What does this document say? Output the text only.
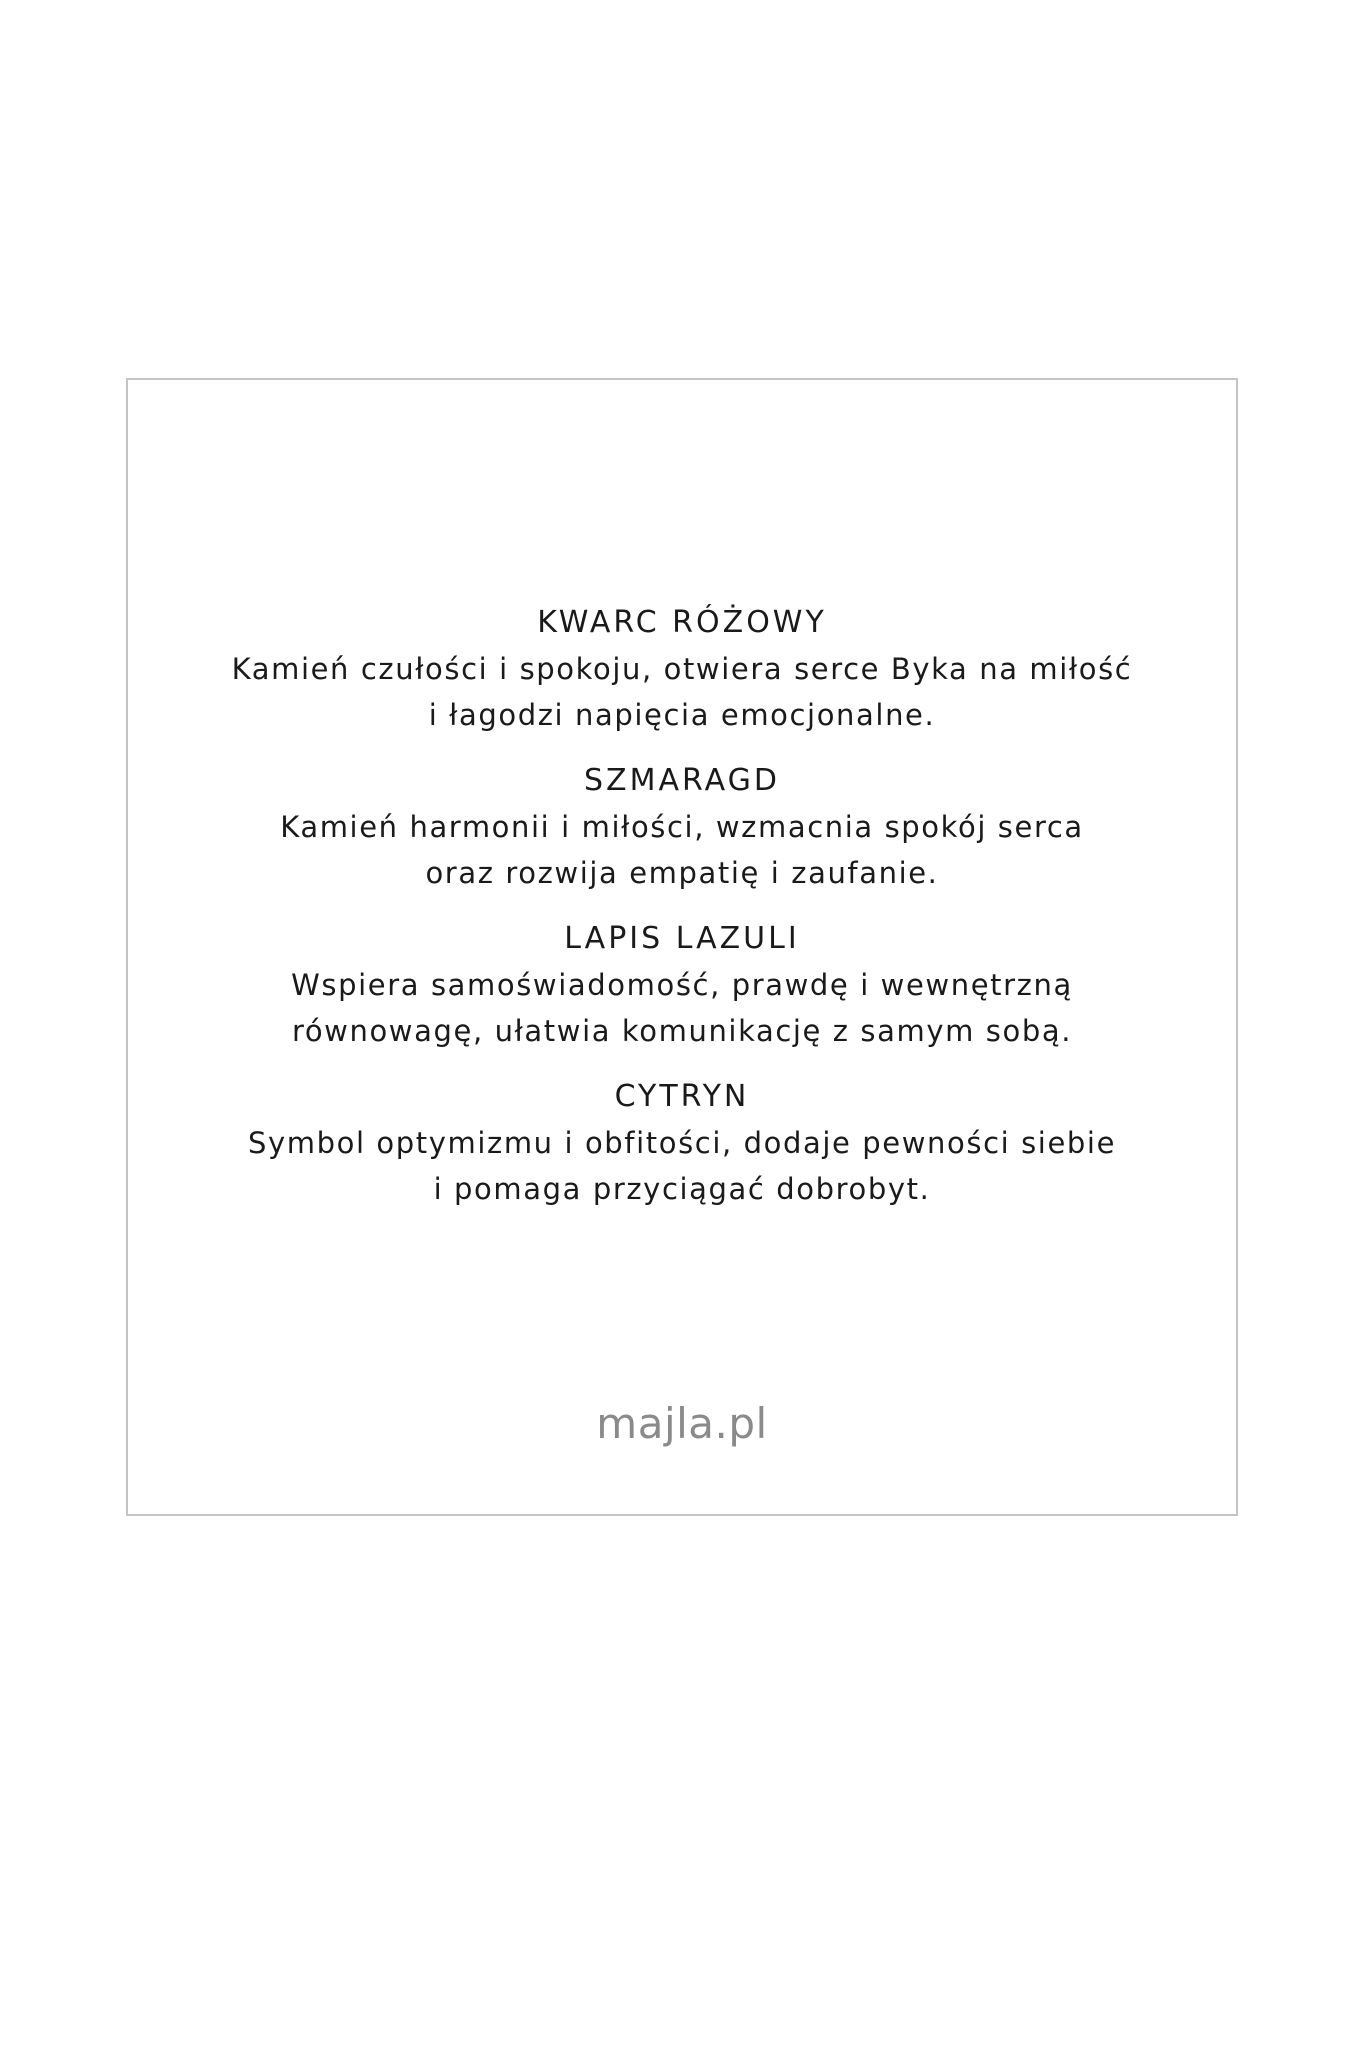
KWARC RÓŻOWY

Kamień czułości i spokoju, otwiera serce Byka na miłość
i łagodzi napięcia emocjonalne.

SZMARAGD

Kamień harmonii i miłości, wzmacnia spokój serca
oraz rozwija empatię i zaufanie.

LAPIS LAZULI

Wspiera samoświadomość, prawdę i wewnętrzną
równowagę, ułatwia komunikację z samym sobą.

CYTRYN

Symbol optymizmu i obfitości, dodaje pewności siebie
i pomaga przyciągać dobrobyt.

majla.pl
